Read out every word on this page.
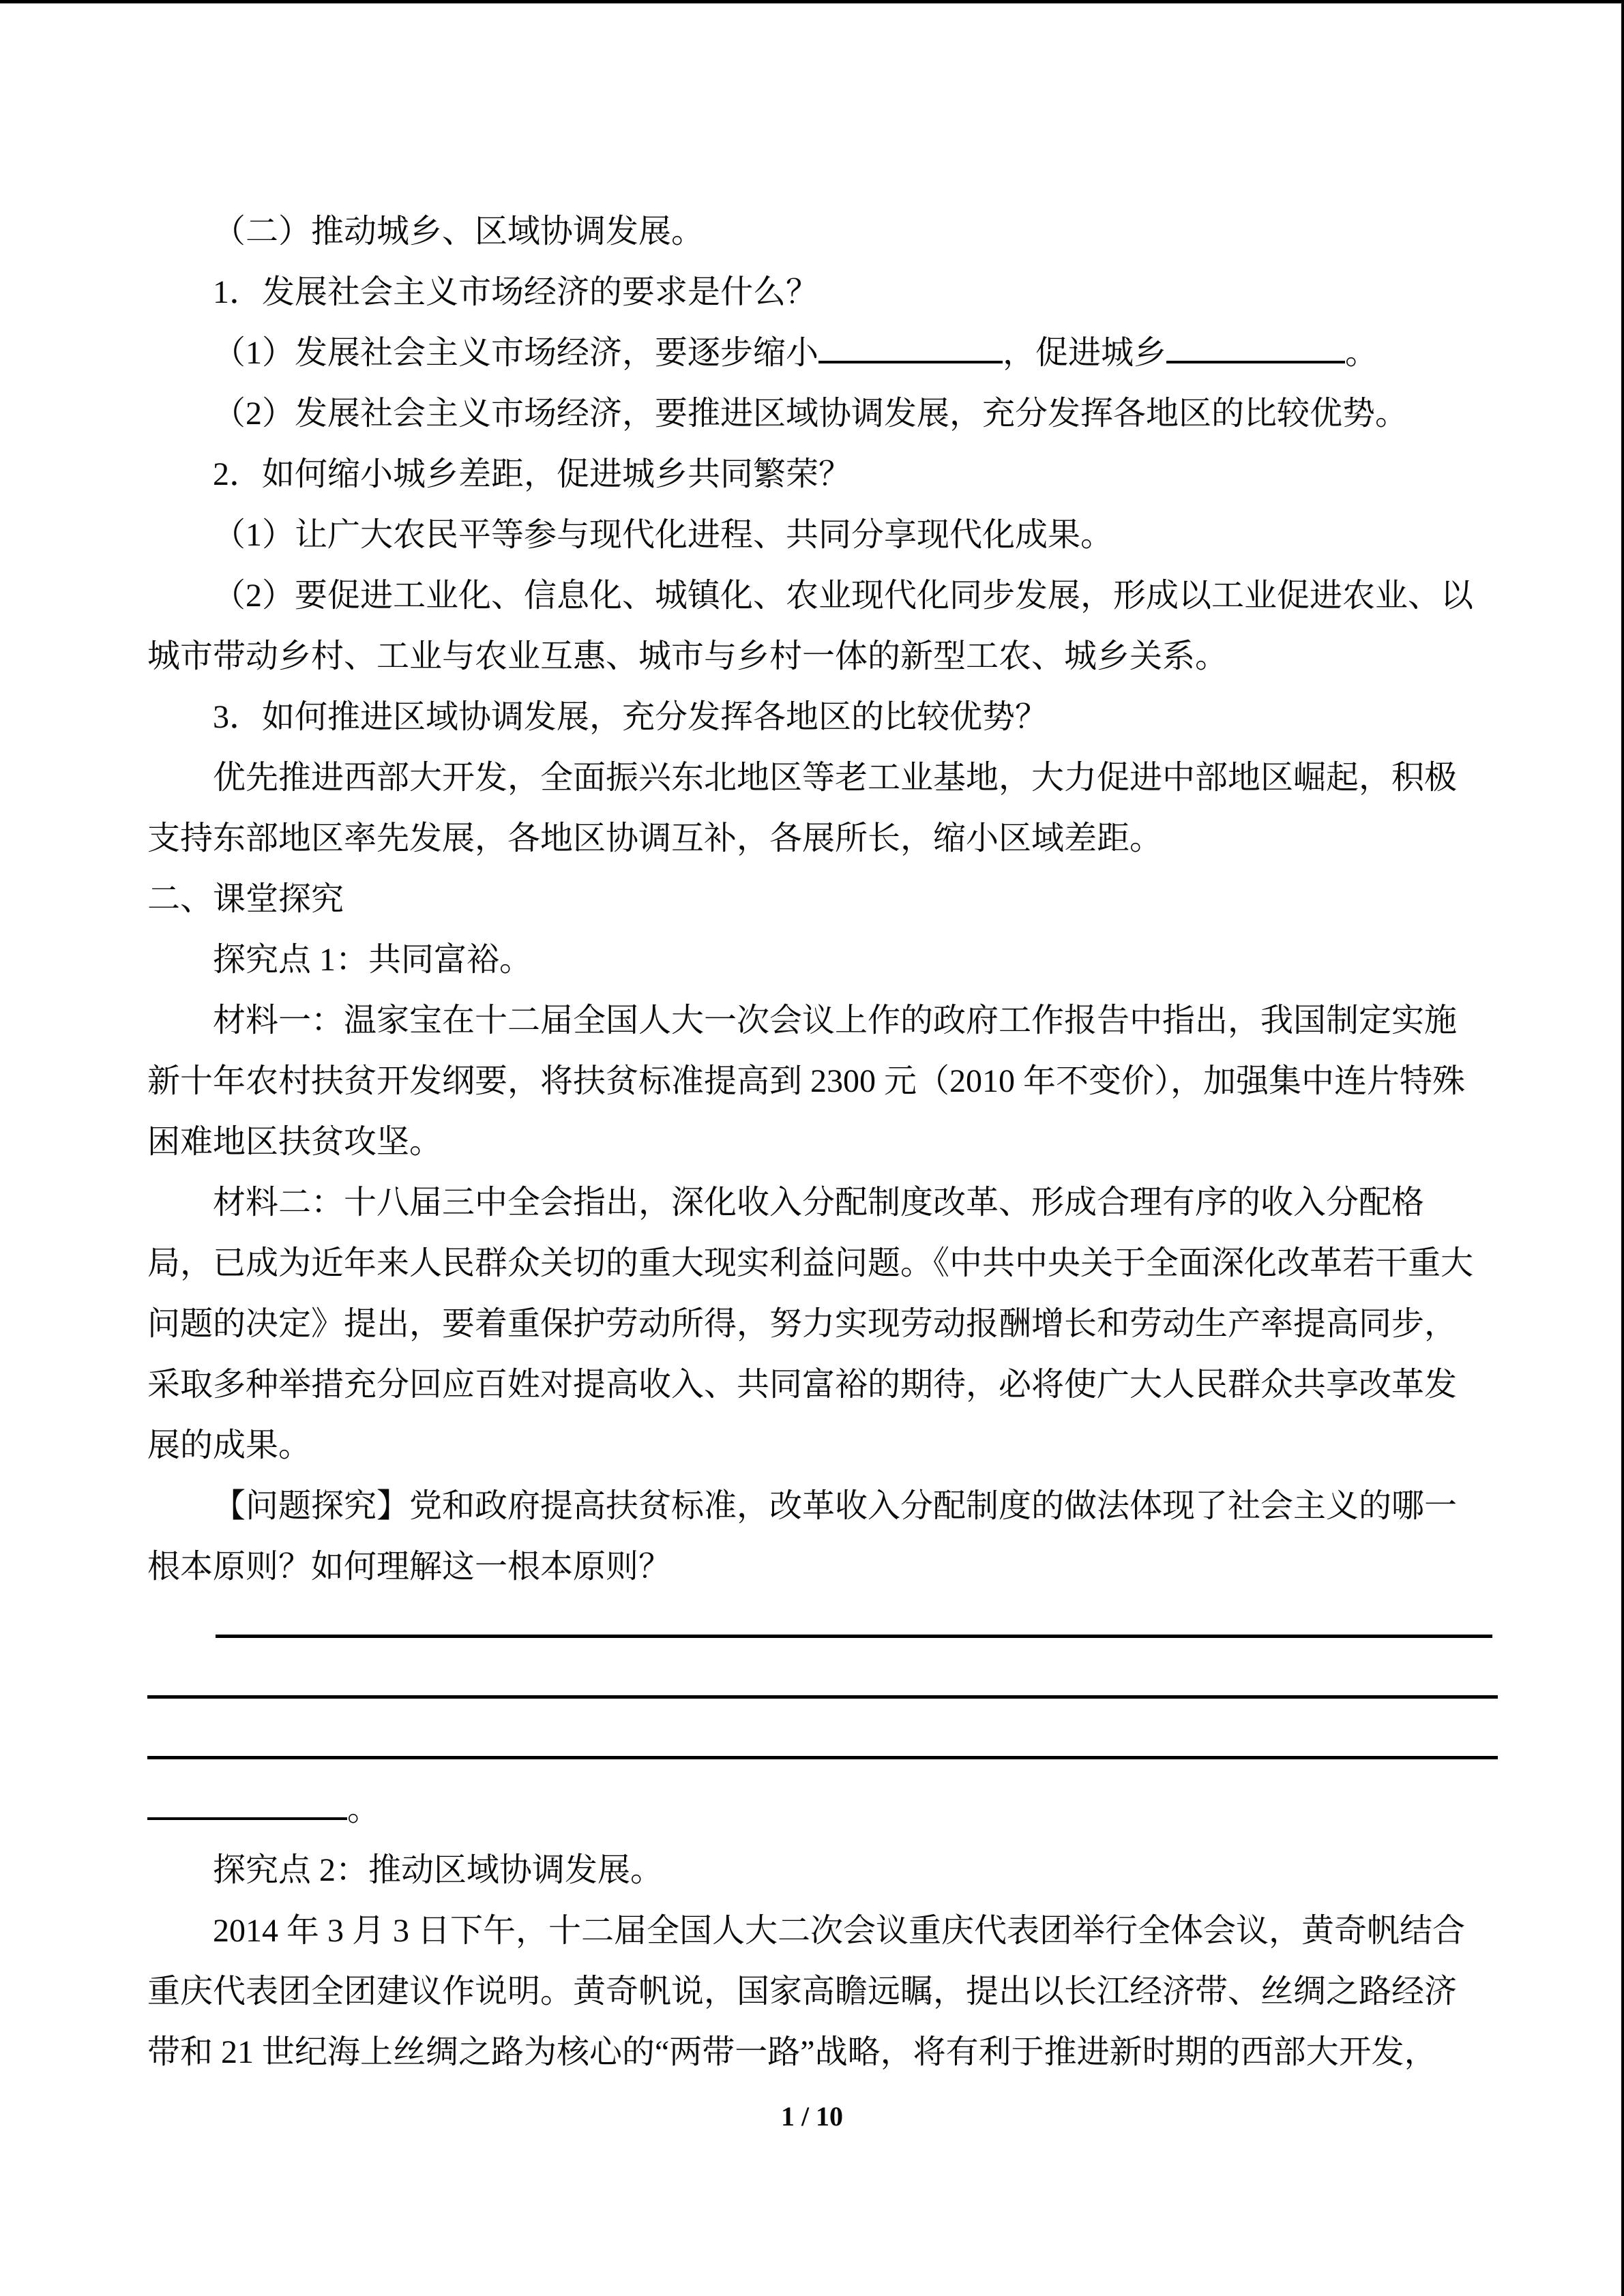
（二）推动城乡、区域协调发展。
1．发展社会主义市场经济的要求是什么？
（1）发展社会主义市场经济，要逐步缩小	，促进城乡	。
（2）发展社会主义市场经济，要推进区域协调发展，充分发挥各地区的比较优势。
2．如何缩小城乡差距，促进城乡共同繁荣？
（1）让广大农民平等参与现代化进程、共同分享现代化成果。
（2）要促进工业化、信息化、城镇化、农业现代化同步发展，形成以工业促进农业、以
城市带动乡村、工业与农业互惠、城市与乡村一体的新型工农、城乡关系。
3．如何推进区域协调发展，充分发挥各地区的比较优势？
优先推进西部大开发，全面振兴东北地区等老工业基地，大力促进中部地区崛起，积极
支持东部地区率先发展，各地区协调互补，各展所长，缩小区域差距。
二、课堂探究
探究点 1：共同富裕。
材料一：温家宝在十二届全国人大一次会议上作的政府工作报告中指出，我国制定实施
新十年农村扶贫开发纲要，将扶贫标准提高到 2300 元（2010 年不变价），加强集中连片特殊
困难地区扶贫攻坚。
材料二：十八届三中全会指出，深化收入分配制度改革、形成合理有序的收入分配格
局，已成为近年来人民群众关切的重大现实利益问题。《中共中央关于全面深化改革若干重大
问题的决定》提出，要着重保护劳动所得，努力实现劳动报酬增长和劳动生产率提高同步，
采取多种举措充分回应百姓对提高收入、共同富裕的期待，必将使广大人民群众共享改革发
展的成果。
【问题探究】党和政府提高扶贫标准，改革收入分配制度的做法体现了社会主义的哪一
根本原则？如何理解这一根本原则？
。
探究点 2：推动区域协调发展。
2014 年 3 月 3 日下午，十二届全国人大二次会议重庆代表团举行全体会议，黄奇帆结合
重庆代表团全团建议作说明。黄奇帆说，国家高瞻远瞩，提出以长江经济带、丝绸之路经济
带和 21 世纪海上丝绸之路为核心的“两带一路”战略，将有利于推进新时期的西部大开发，
1 / 10
